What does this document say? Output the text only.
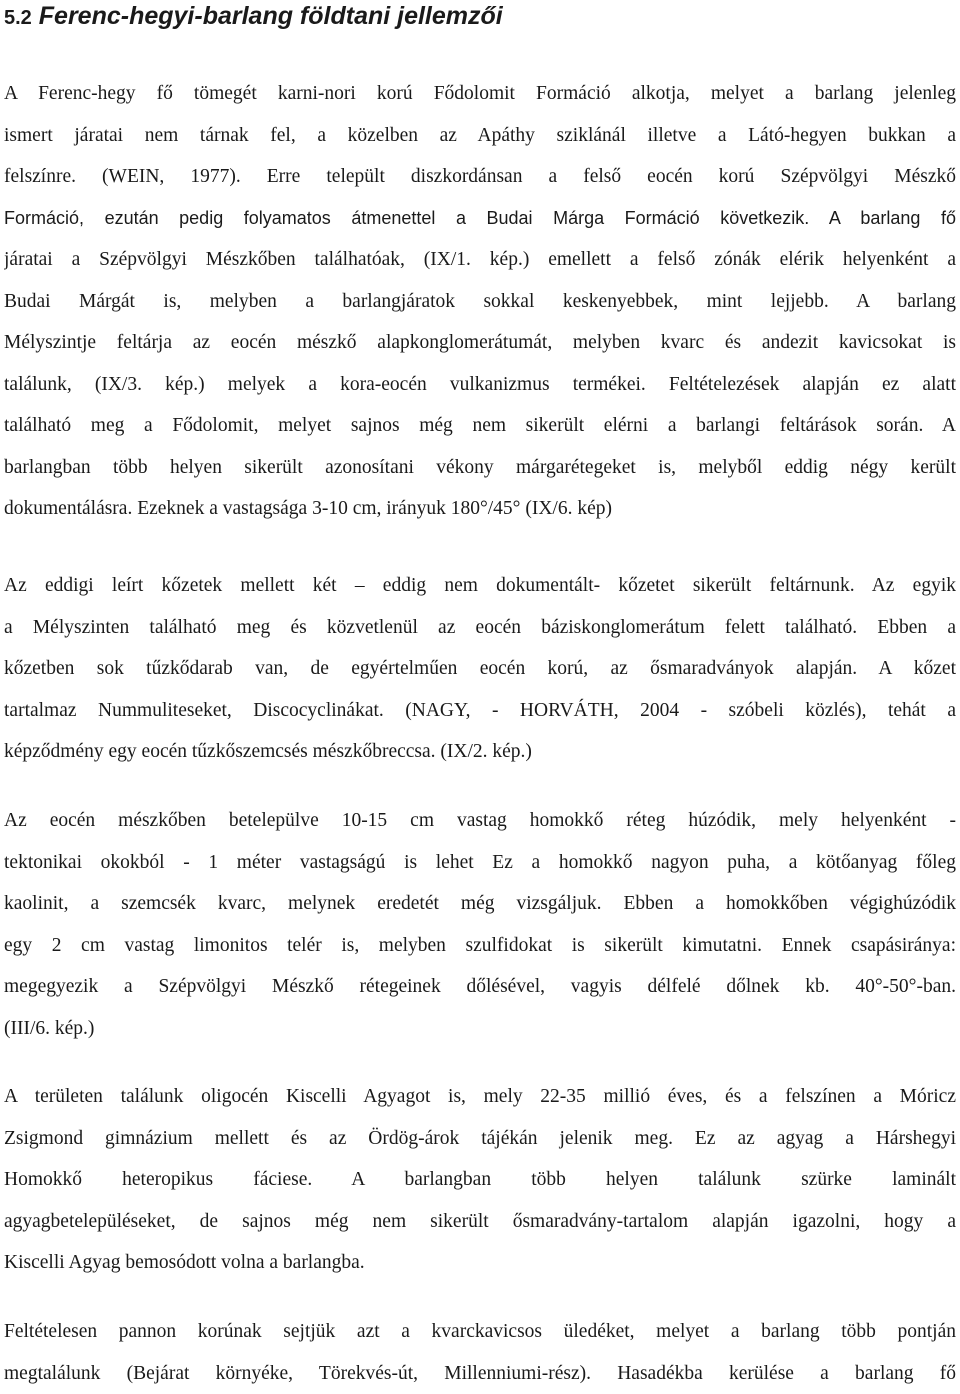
5.2 Ferenc-hegyi-barlang földtani jellemzői
A Ferenc-hegy fő tömegét karni-nori korú Fődolomit Formáció alkotja, melyet a barlang jelenleg
ismert járatai nem tárnak fel, a közelben az Apáthy sziklánál illetve a Látó-hegyen bukkan a
felszínre. (WEIN, 1977). Erre települt diszkordánsan a felső eocén korú Szépvölgyi Mészkő
Formáció, ezután pedig folyamatos átmenettel a Budai Márga Formáció következik. A barlang fő
járatai a Szépvölgyi Mészkőben találhatóak, (IX/1. kép.) emellett a felső zónák elérik helyenként a
Budai Márgát is, melyben a barlangjáratok sokkal keskenyebbek, mint lejjebb. A barlang
Mélyszintje feltárja az eocén mészkő alapkonglomerátumát, melyben kvarc és andezit kavicsokat is
találunk, (IX/3. kép.) melyek a kora-eocén vulkanizmus termékei. Feltételezések alapján ez alatt
található meg a Fődolomit, melyet sajnos még nem sikerült elérni a barlangi feltárások során. A
barlangban több helyen sikerült azonosítani vékony márgarétegeket is, melyből eddig négy került
dokumentálásra. Ezeknek a vastagsága 3-10 cm, irányuk 180°/45° (IX/6. kép)
Az eddigi leírt kőzetek mellett két – eddig nem dokumentált- kőzetet sikerült feltárnunk. Az egyik
a Mélyszinten található meg és közvetlenül az eocén báziskonglomerátum felett található. Ebben a
kőzetben sok tűzkődarab van, de egyértelműen eocén korú, az ősmaradványok alapján. A kőzet
tartalmaz Nummuliteseket, Discocyclinákat. (NAGY, - HORVÁTH, 2004 - szóbeli közlés), tehát a
képződmény egy eocén tűzkőszemcsés mészkőbreccsa. (IX/2. kép.)
Az eocén mészkőben betelepülve 10-15 cm vastag homokkő réteg húzódik, mely helyenként -
tektonikai okokból - 1 méter vastagságú is lehet Ez a homokkő nagyon puha, a kötőanyag főleg
kaolinit, a szemcsék kvarc, melynek eredetét még vizsgáljuk. Ebben a homokkőben végighúzódik
egy 2 cm vastag limonitos telér is, melyben szulfidokat is sikerült kimutatni. Ennek csapásiránya:
megegyezik a Szépvölgyi Mészkő rétegeinek dőlésével, vagyis délfelé dőlnek kb. 40°-50°-ban.
(III/6. kép.)
A területen találunk oligocén Kiscelli Agyagot is, mely 22-35 millió éves, és a felszínen a Móricz
Zsigmond gimnázium mellett és az Ördög-árok tájékán jelenik meg. Ez az agyag a Hárshegyi
Homokkő heteropikus fáciese. A barlangban több helyen találunk szürke laminált
agyagbetelepüléseket, de sajnos még nem sikerült ősmaradvány-tartalom alapján igazolni, hogy a
Kiscelli Agyag bemosódott volna a barlangba.
Feltételesen pannon korúnak sejtjük azt a kvarckavicsos üledéket, melyet a barlang több pontján
megtalálunk (Bejárat környéke, Törekvés-út, Millenniumi-rész). Hasadékba kerülése a barlang fő
